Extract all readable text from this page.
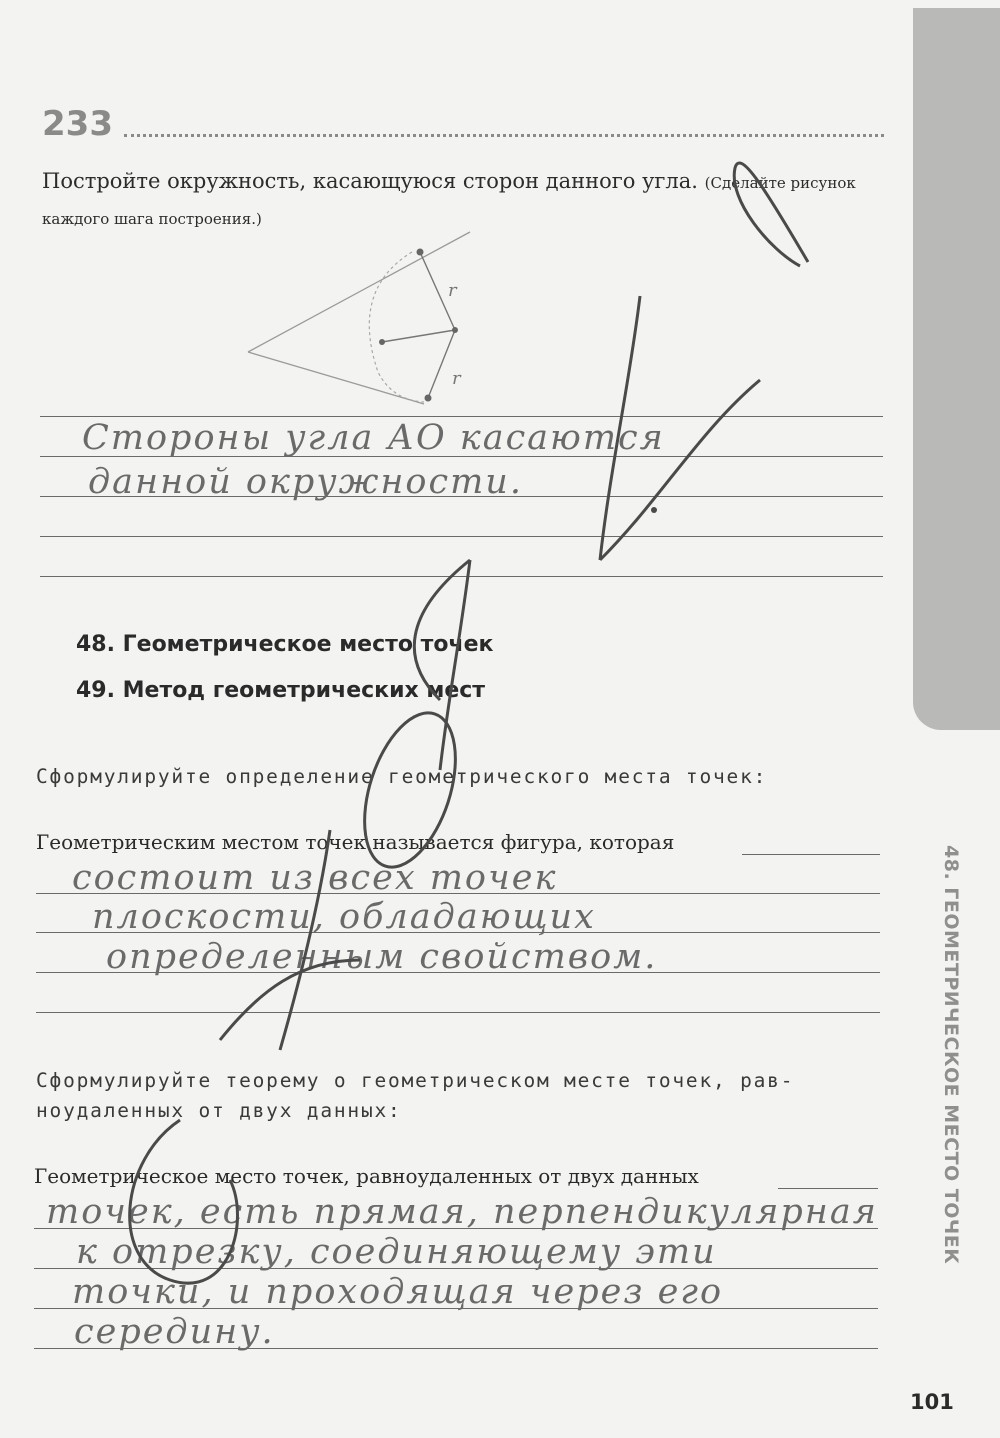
48. ГЕОМЕТРИЧЕСКОЕ МЕСТО ТОЧЕК
233
Постройте окружность, касающуюся сторон данного угла. (Сделайте рисунок каждого шага построения.)
r
r
Стороны угла АО касаются
данной окружности.
48. Геометрическое место точек
49. Метод геометрических мест
Сформулируйте определение геометрического места точек:
Геометрическим местом точек называется фигура, которая
состоит из всех точек
плоскости, обладающих
определенным свойством.
Сформулируйте теорему о геометрическом месте точек, рав-
ноудаленных от двух данных:
Геометрическое место точек, равноудаленных от двух данных
точек, есть прямая, перпендикулярная
к отрезку, соединяющему эти
точки, и проходящая через его
середину.
списки
101
